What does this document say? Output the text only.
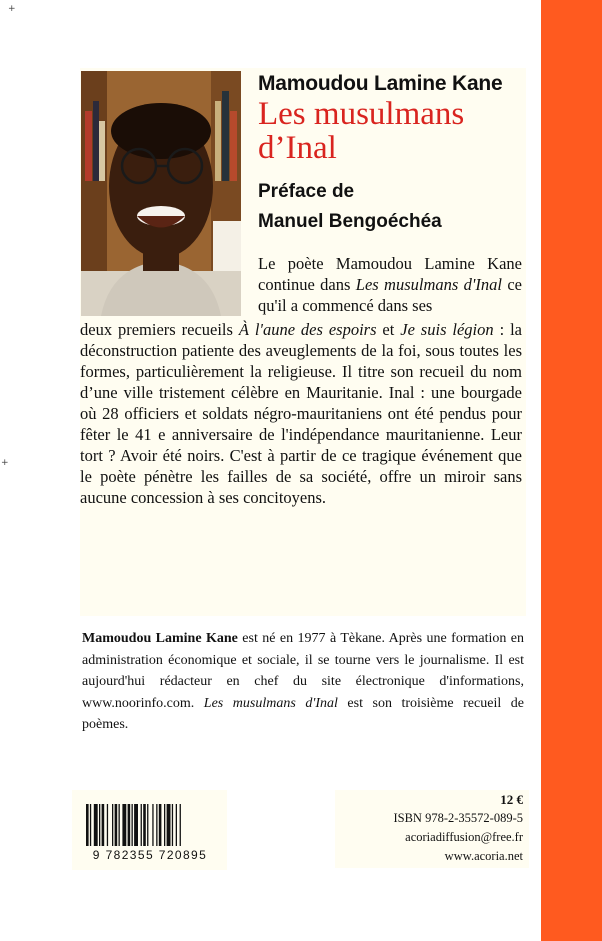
+
+
Mamoudou Lamine Kane
Les musulmans
d’Inal
Préface de
Manuel Bengoéchéa
Le poète Mamoudou Lamine Kane continue dans Les musulmans d'Inal ce qu'il a commencé dans ses
deux premiers recueils À l'aune des espoirs et Je suis légion : la déconstruction patiente des aveuglements de la foi, sous toutes les formes, particulièrement la religieuse. Il titre son recueil du nom d’une ville tristement célèbre en Mauritanie. Inal : une bourgade où 28 officiers et soldats négro-mauritaniens ont été pendus pour fêter le 41 e anniversaire de l'indépendance mauritanienne. Leur tort ? Avoir été noirs. C'est à partir de ce tragique événement que le poète pénètre les failles de sa société, offre un miroir sans aucune concession à ses concitoyens.
Mamoudou Lamine Kane est né en 1977 à Tèkane. Après une formation en administration économique et sociale, il se tourne vers le journalisme. Il est aujourd'hui rédacteur en chef du site électronique d'informations, www.noorinfo.com. Les musulmans d'Inal est son troisième recueil de poèmes.
9 782355 720895
12 €
ISBN 978-2-35572-089-5
acoriadiffusion@free.fr
www.acoria.net
